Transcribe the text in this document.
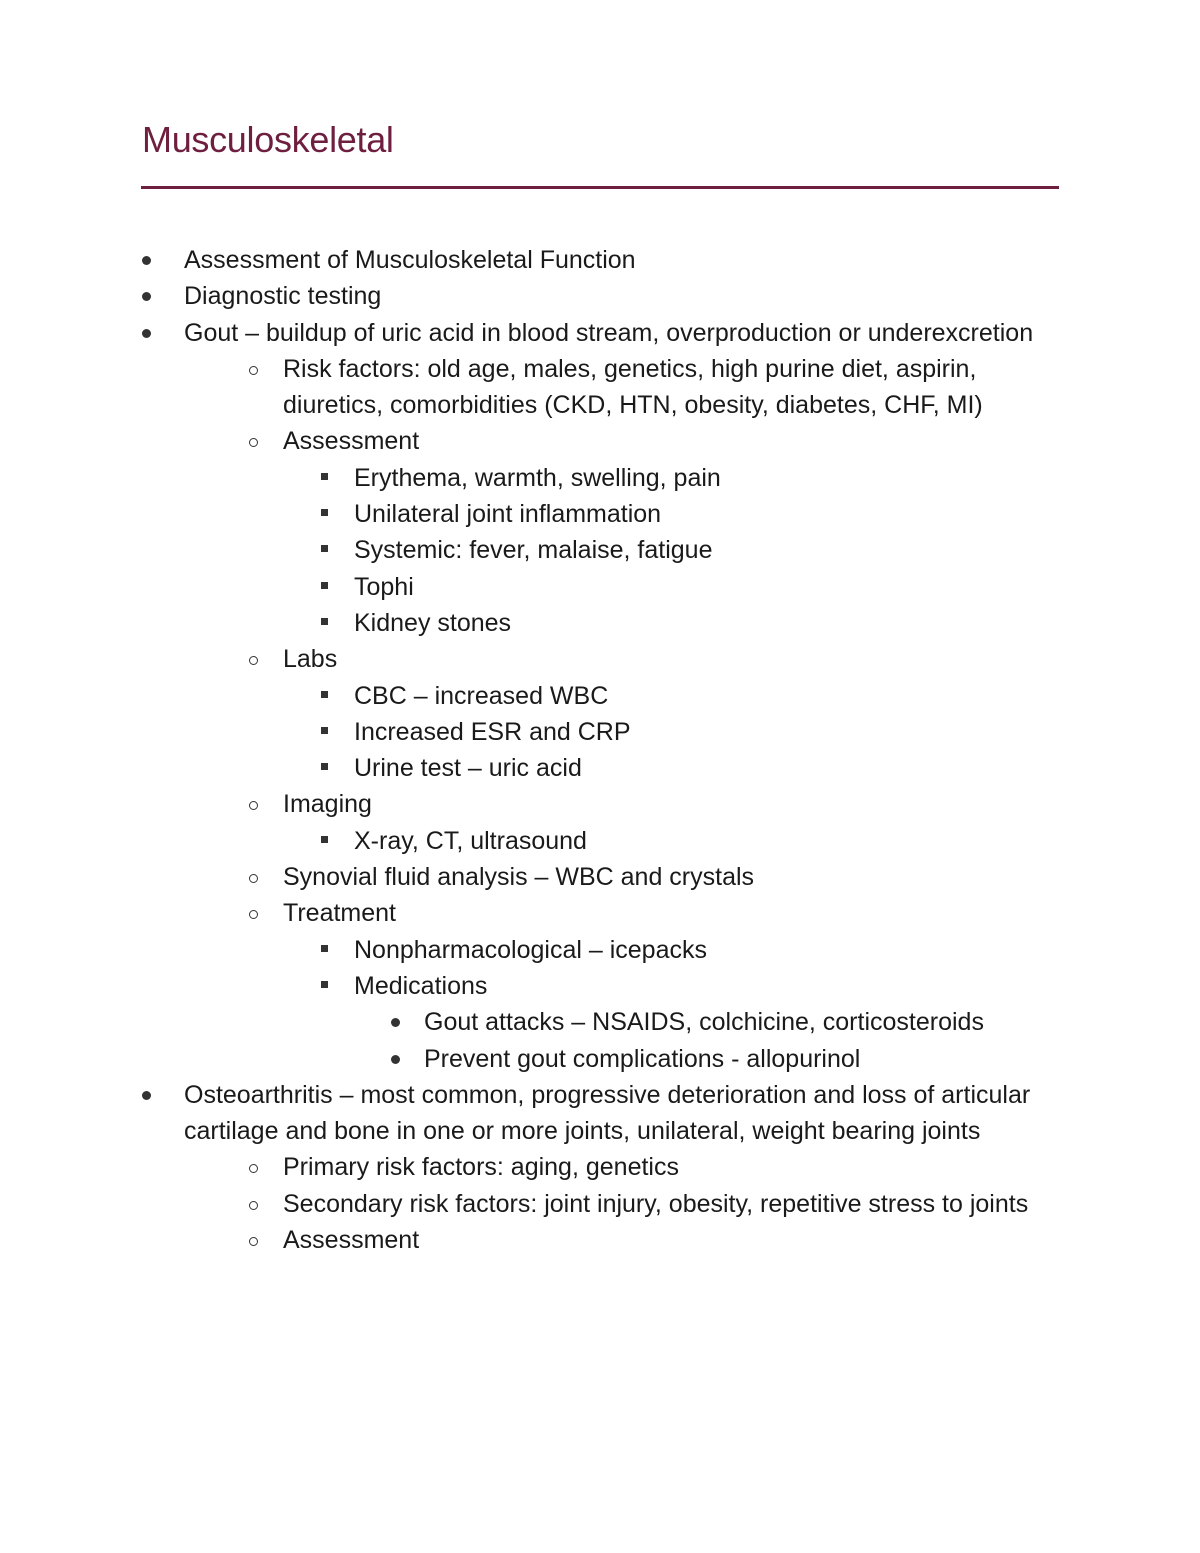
Musculoskeletal
Assessment of Musculoskeletal Function
Diagnostic testing
Gout – buildup of uric acid in blood stream, overproduction or underexcretion
Risk factors: old age, males, genetics, high purine diet, aspirin, diuretics, comorbidities (CKD, HTN, obesity, diabetes, CHF, MI)
Assessment
Erythema, warmth, swelling, pain
Unilateral joint inflammation
Systemic: fever, malaise, fatigue
Tophi
Kidney stones
Labs
CBC – increased WBC
Increased ESR and CRP
Urine test – uric acid
Imaging
X-ray, CT, ultrasound
Synovial fluid analysis – WBC and crystals
Treatment
Nonpharmacological – icepacks
Medications
Gout attacks – NSAIDS, colchicine, corticosteroids
Prevent gout complications - allopurinol
Osteoarthritis – most common, progressive deterioration and loss of articular cartilage and bone in one or more joints, unilateral, weight bearing joints
Primary risk factors: aging, genetics
Secondary risk factors: joint injury, obesity, repetitive stress to joints
Assessment
